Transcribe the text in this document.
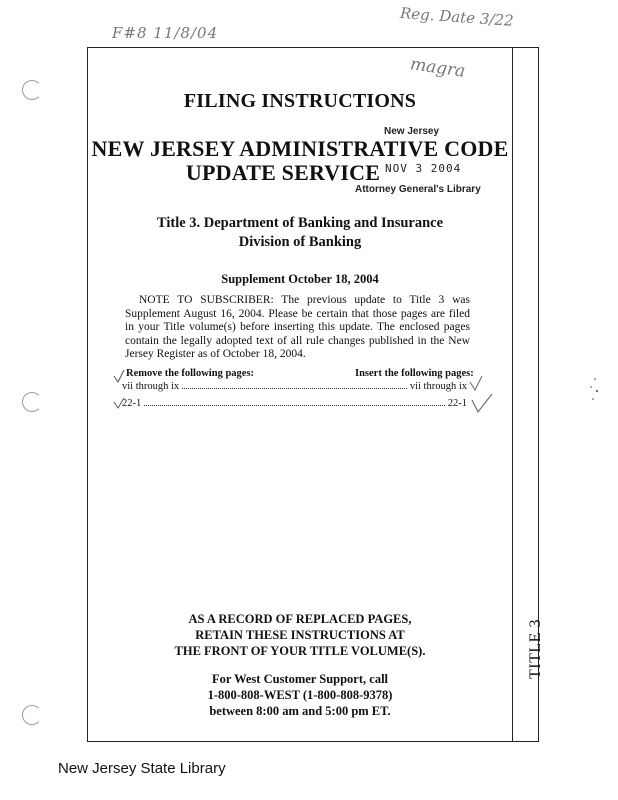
F#8 11/8/04
Reg. Date 3/22
magra
TITLE 3
FILING INSTRUCTIONS
New Jersey
NEW JERSEY ADMINISTRATIVE CODE
UPDATE SERVICE NOV 3 2004
Attorney General's Library
Title 3. Department of Banking and Insurance
Division of Banking
Supplement October 18, 2004
NOTE TO SUBSCRIBER: The previous update to Title 3 was Supplement August 16, 2004. Please be certain that those pages are filed in your Title volume(s) before inserting this update. The enclosed pages contain the legally adopted text of all rule changes published in the New Jersey Register as of October 18, 2004.
Remove the following pages:	Insert the following pages:
vii through ix	vii through ix
22-1	22-1
AS A RECORD OF REPLACED PAGES,
RETAIN THESE INSTRUCTIONS AT
THE FRONT OF YOUR TITLE VOLUME(S).
For West Customer Support, call
1-800-808-WEST (1-800-808-9378)
between 8:00 am and 5:00 pm ET.
New Jersey State Library
